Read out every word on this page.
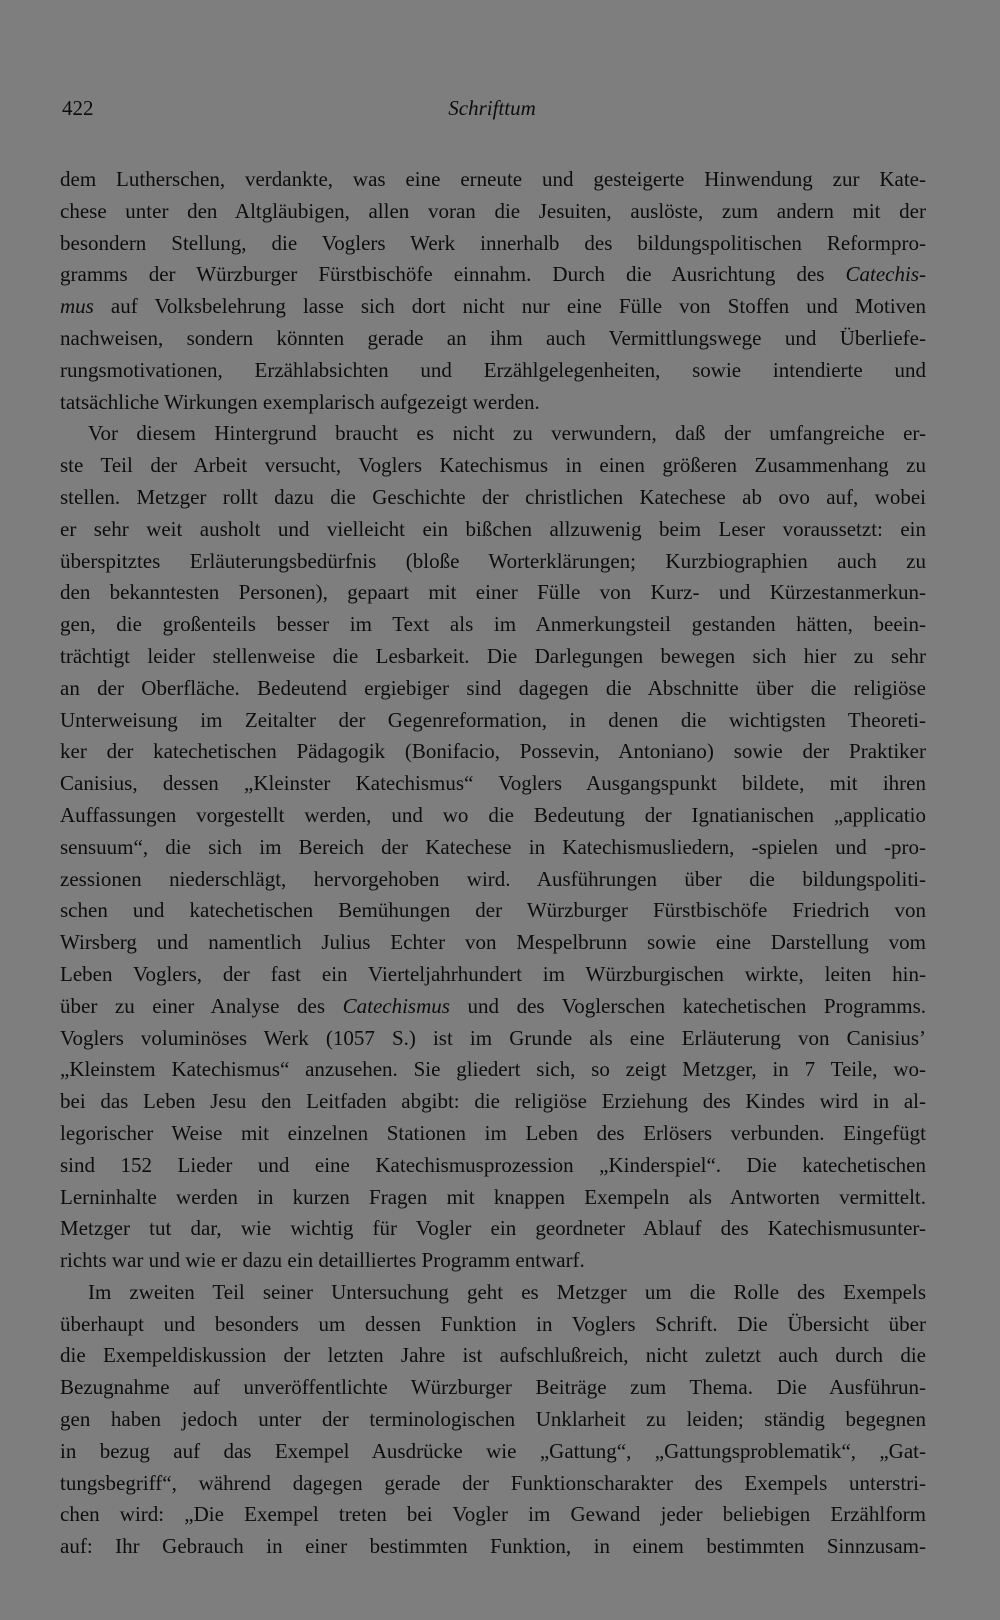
422	Schrifttum
dem Lutherschen, verdankte, was eine erneute und gesteigerte Hinwendung zur Kate-
chese unter den Altgläubigen, allen voran die Jesuiten, auslöste, zum andern mit der
besondern Stellung, die Voglers Werk innerhalb des bildungspolitischen Reformpro-
gramms der Würzburger Fürstbischöfe einnahm. Durch die Ausrichtung des Catechis-
mus auf Volksbelehrung lasse sich dort nicht nur eine Fülle von Stoffen und Motiven
nachweisen, sondern könnten gerade an ihm auch Vermittlungswege und Überliefe-
rungsmotivationen, Erzählabsichten und Erzählgelegenheiten, sowie intendierte und
tatsächliche Wirkungen exemplarisch aufgezeigt werden.
Vor diesem Hintergrund braucht es nicht zu verwundern, daß der umfangreiche er-
ste Teil der Arbeit versucht, Voglers Katechismus in einen größeren Zusammenhang zu
stellen. Metzger rollt dazu die Geschichte der christlichen Katechese ab ovo auf, wobei
er sehr weit ausholt und vielleicht ein bißchen allzuwenig beim Leser voraussetzt: ein
überspitztes Erläuterungsbedürfnis (bloße Worterklärungen; Kurzbiographien auch zu
den bekanntesten Personen), gepaart mit einer Fülle von Kurz- und Kürzestanmerkun-
gen, die großenteils besser im Text als im Anmerkungsteil gestanden hätten, beein-
trächtigt leider stellenweise die Lesbarkeit. Die Darlegungen bewegen sich hier zu sehr
an der Oberfläche. Bedeutend ergiebiger sind dagegen die Abschnitte über die religiöse
Unterweisung im Zeitalter der Gegenreformation, in denen die wichtigsten Theoreti-
ker der katechetischen Pädagogik (Bonifacio, Possevin, Antoniano) sowie der Praktiker
Canisius, dessen „Kleinster Katechismus“ Voglers Ausgangspunkt bildete, mit ihren
Auffassungen vorgestellt werden, und wo die Bedeutung der Ignatianischen „applicatio
sensuum“, die sich im Bereich der Katechese in Katechismusliedern, -spielen und -pro-
zessionen niederschlägt, hervorgehoben wird. Ausführungen über die bildungspoliti-
schen und katechetischen Bemühungen der Würzburger Fürstbischöfe Friedrich von
Wirsberg und namentlich Julius Echter von Mespelbrunn sowie eine Darstellung vom
Leben Voglers, der fast ein Vierteljahrhundert im Würzburgischen wirkte, leiten hin-
über zu einer Analyse des Catechismus und des Voglerschen katechetischen Programms.
Voglers voluminöses Werk (1057 S.) ist im Grunde als eine Erläuterung von Canisius’
„Kleinstem Katechismus“ anzusehen. Sie gliedert sich, so zeigt Metzger, in 7 Teile, wo-
bei das Leben Jesu den Leitfaden abgibt: die religiöse Erziehung des Kindes wird in al-
legorischer Weise mit einzelnen Stationen im Leben des Erlösers verbunden. Eingefügt
sind 152 Lieder und eine Katechismusprozession „Kinderspiel“. Die katechetischen
Lerninhalte werden in kurzen Fragen mit knappen Exempeln als Antworten vermittelt.
Metzger tut dar, wie wichtig für Vogler ein geordneter Ablauf des Katechismusunter-
richts war und wie er dazu ein detailliertes Programm entwarf.
Im zweiten Teil seiner Untersuchung geht es Metzger um die Rolle des Exempels
überhaupt und besonders um dessen Funktion in Voglers Schrift. Die Übersicht über
die Exempeldiskussion der letzten Jahre ist aufschlußreich, nicht zuletzt auch durch die
Bezugnahme auf unveröffentlichte Würzburger Beiträge zum Thema. Die Ausführun-
gen haben jedoch unter der terminologischen Unklarheit zu leiden; ständig begegnen
in bezug auf das Exempel Ausdrücke wie „Gattung“, „Gattungsproblematik“, „Gat-
tungsbegriff“, während dagegen gerade der Funktionscharakter des Exempels unterstri-
chen wird: „Die Exempel treten bei Vogler im Gewand jeder beliebigen Erzählform
auf: Ihr Gebrauch in einer bestimmten Funktion, in einem bestimmten Sinnzusam-
